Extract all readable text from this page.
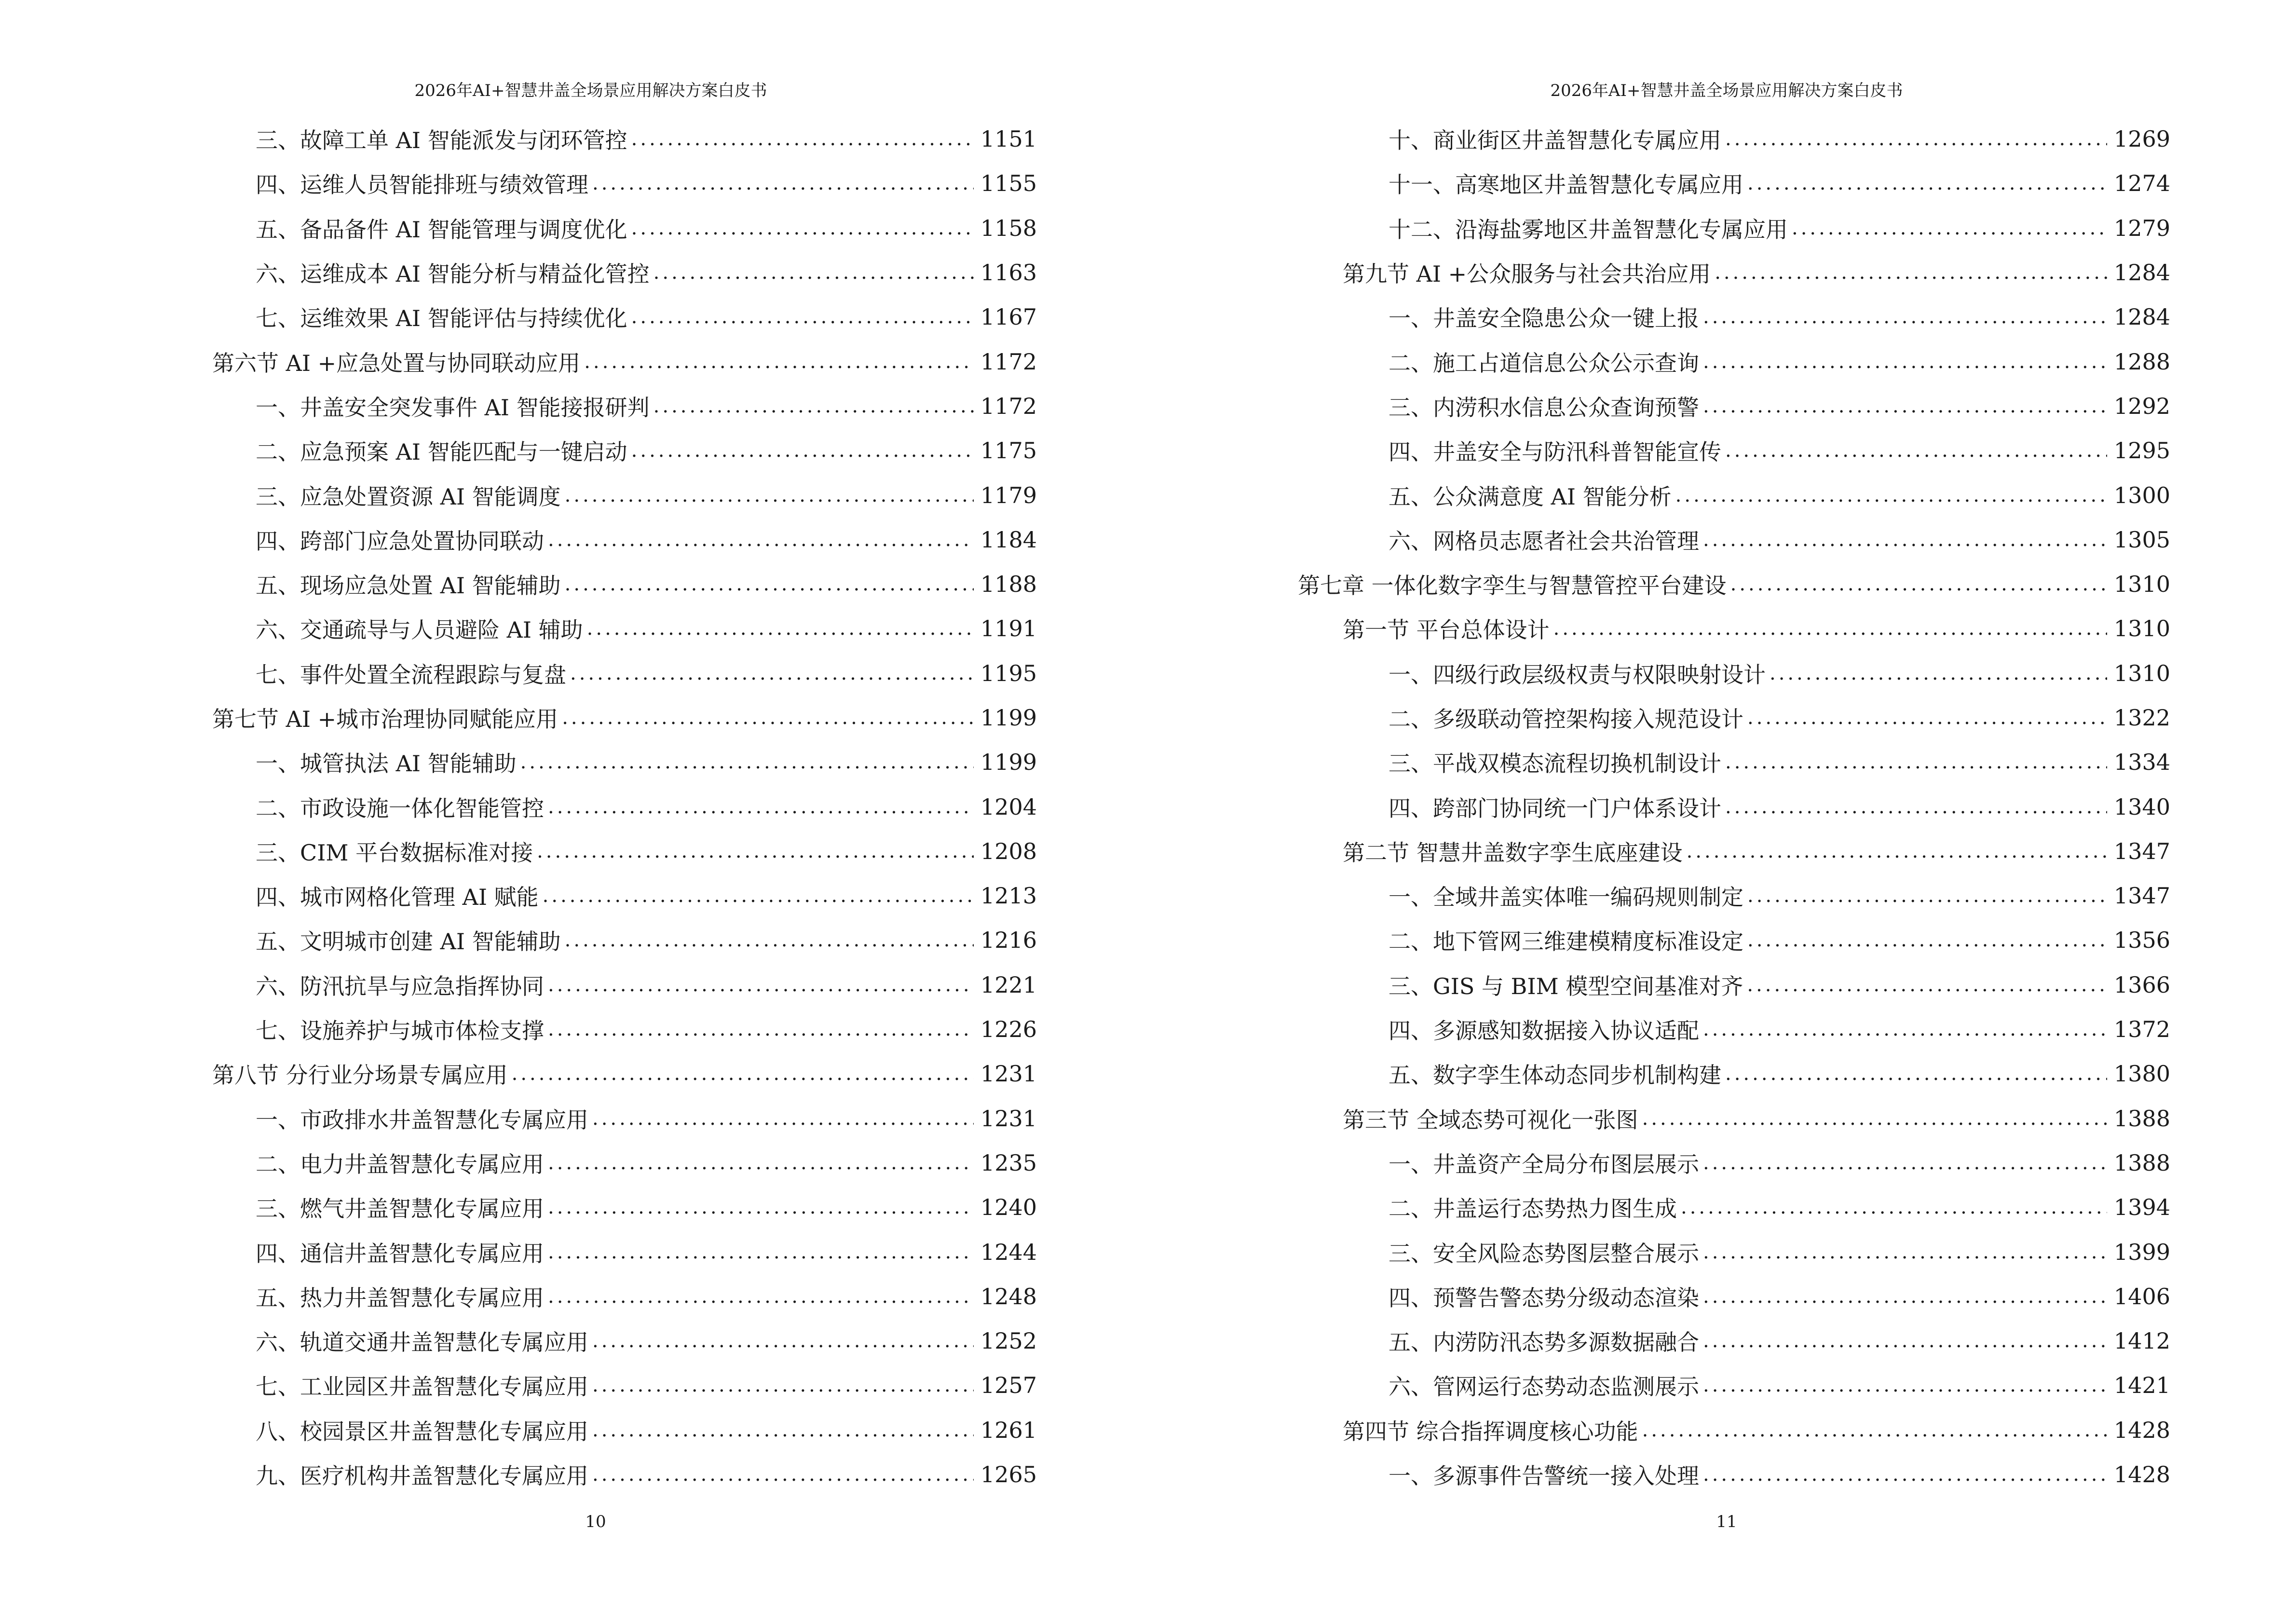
2026年AI+智慧井盖全场景应用解决方案白皮书
三、故障工单 AI 智能派发与闭环管控 .....	1151
四、运维人员智能排班与绩效管理 .....	1155
五、备品备件 AI 智能管理与调度优化 .....	1158
六、运维成本 AI 智能分析与精益化管控 .....	1163
七、运维效果 AI 智能评估与持续优化 .....	1167
第六节 AI +应急处置与协同联动应用 .....	1172
一、井盖安全突发事件 AI 智能接报研判 .....	1172
二、应急预案 AI 智能匹配与一键启动 .....	1175
三、应急处置资源 AI 智能调度 .....	1179
四、跨部门应急处置协同联动 .....	1184
五、现场应急处置 AI 智能辅助 .....	1188
六、交通疏导与人员避险 AI 辅助 .....	1191
七、事件处置全流程跟踪与复盘 .....	1195
第七节 AI +城市治理协同赋能应用 .....	1199
一、城管执法 AI 智能辅助 .....	1199
二、市政设施一体化智能管控 .....	1204
三、CIM 平台数据标准对接 .....	1208
四、城市网格化管理 AI 赋能 .....	1213
五、文明城市创建 AI 智能辅助 .....	1216
六、防汛抗旱与应急指挥协同 .....	1221
七、设施养护与城市体检支撑 .....	1226
第八节 分行业分场景专属应用 .....	1231
一、市政排水井盖智慧化专属应用 .....	1231
二、电力井盖智慧化专属应用 .....	1235
三、燃气井盖智慧化专属应用 .....	1240
四、通信井盖智慧化专属应用 .....	1244
五、热力井盖智慧化专属应用 .....	1248
六、轨道交通井盖智慧化专属应用 .....	1252
七、工业园区井盖智慧化专属应用 .....	1257
八、校园景区井盖智慧化专属应用 .....	1261
九、医疗机构井盖智慧化专属应用 .....	1265
10
2026年AI+智慧井盖全场景应用解决方案白皮书
十、商业街区井盖智慧化专属应用 .....	1269
十一、高寒地区井盖智慧化专属应用 .....	1274
十二、沿海盐雾地区井盖智慧化专属应用 .....	1279
第九节 AI +公众服务与社会共治应用 .....	1284
一、井盖安全隐患公众一键上报 .....	1284
二、施工占道信息公众公示查询 .....	1288
三、内涝积水信息公众查询预警 .....	1292
四、井盖安全与防汛科普智能宣传 .....	1295
五、公众满意度 AI 智能分析 .....	1300
六、网格员志愿者社会共治管理 .....	1305
第七章 一体化数字孪生与智慧管控平台建设 .....	1310
第一节 平台总体设计 .....	1310
一、四级行政层级权责与权限映射设计 .....	1310
二、多级联动管控架构接入规范设计 .....	1322
三、平战双模态流程切换机制设计 .....	1334
四、跨部门协同统一门户体系设计 .....	1340
第二节 智慧井盖数字孪生底座建设 .....	1347
一、全域井盖实体唯一编码规则制定 .....	1347
二、地下管网三维建模精度标准设定 .....	1356
三、GIS 与 BIM 模型空间基准对齐 .....	1366
四、多源感知数据接入协议适配 .....	1372
五、数字孪生体动态同步机制构建 .....	1380
第三节 全域态势可视化一张图 .....	1388
一、井盖资产全局分布图层展示 .....	1388
二、井盖运行态势热力图生成 .....	1394
三、安全风险态势图层整合展示 .....	1399
四、预警告警态势分级动态渲染 .....	1406
五、内涝防汛态势多源数据融合 .....	1412
六、管网运行态势动态监测展示 .....	1421
第四节 综合指挥调度核心功能 .....	1428
一、多源事件告警统一接入处理 .....	1428
11
